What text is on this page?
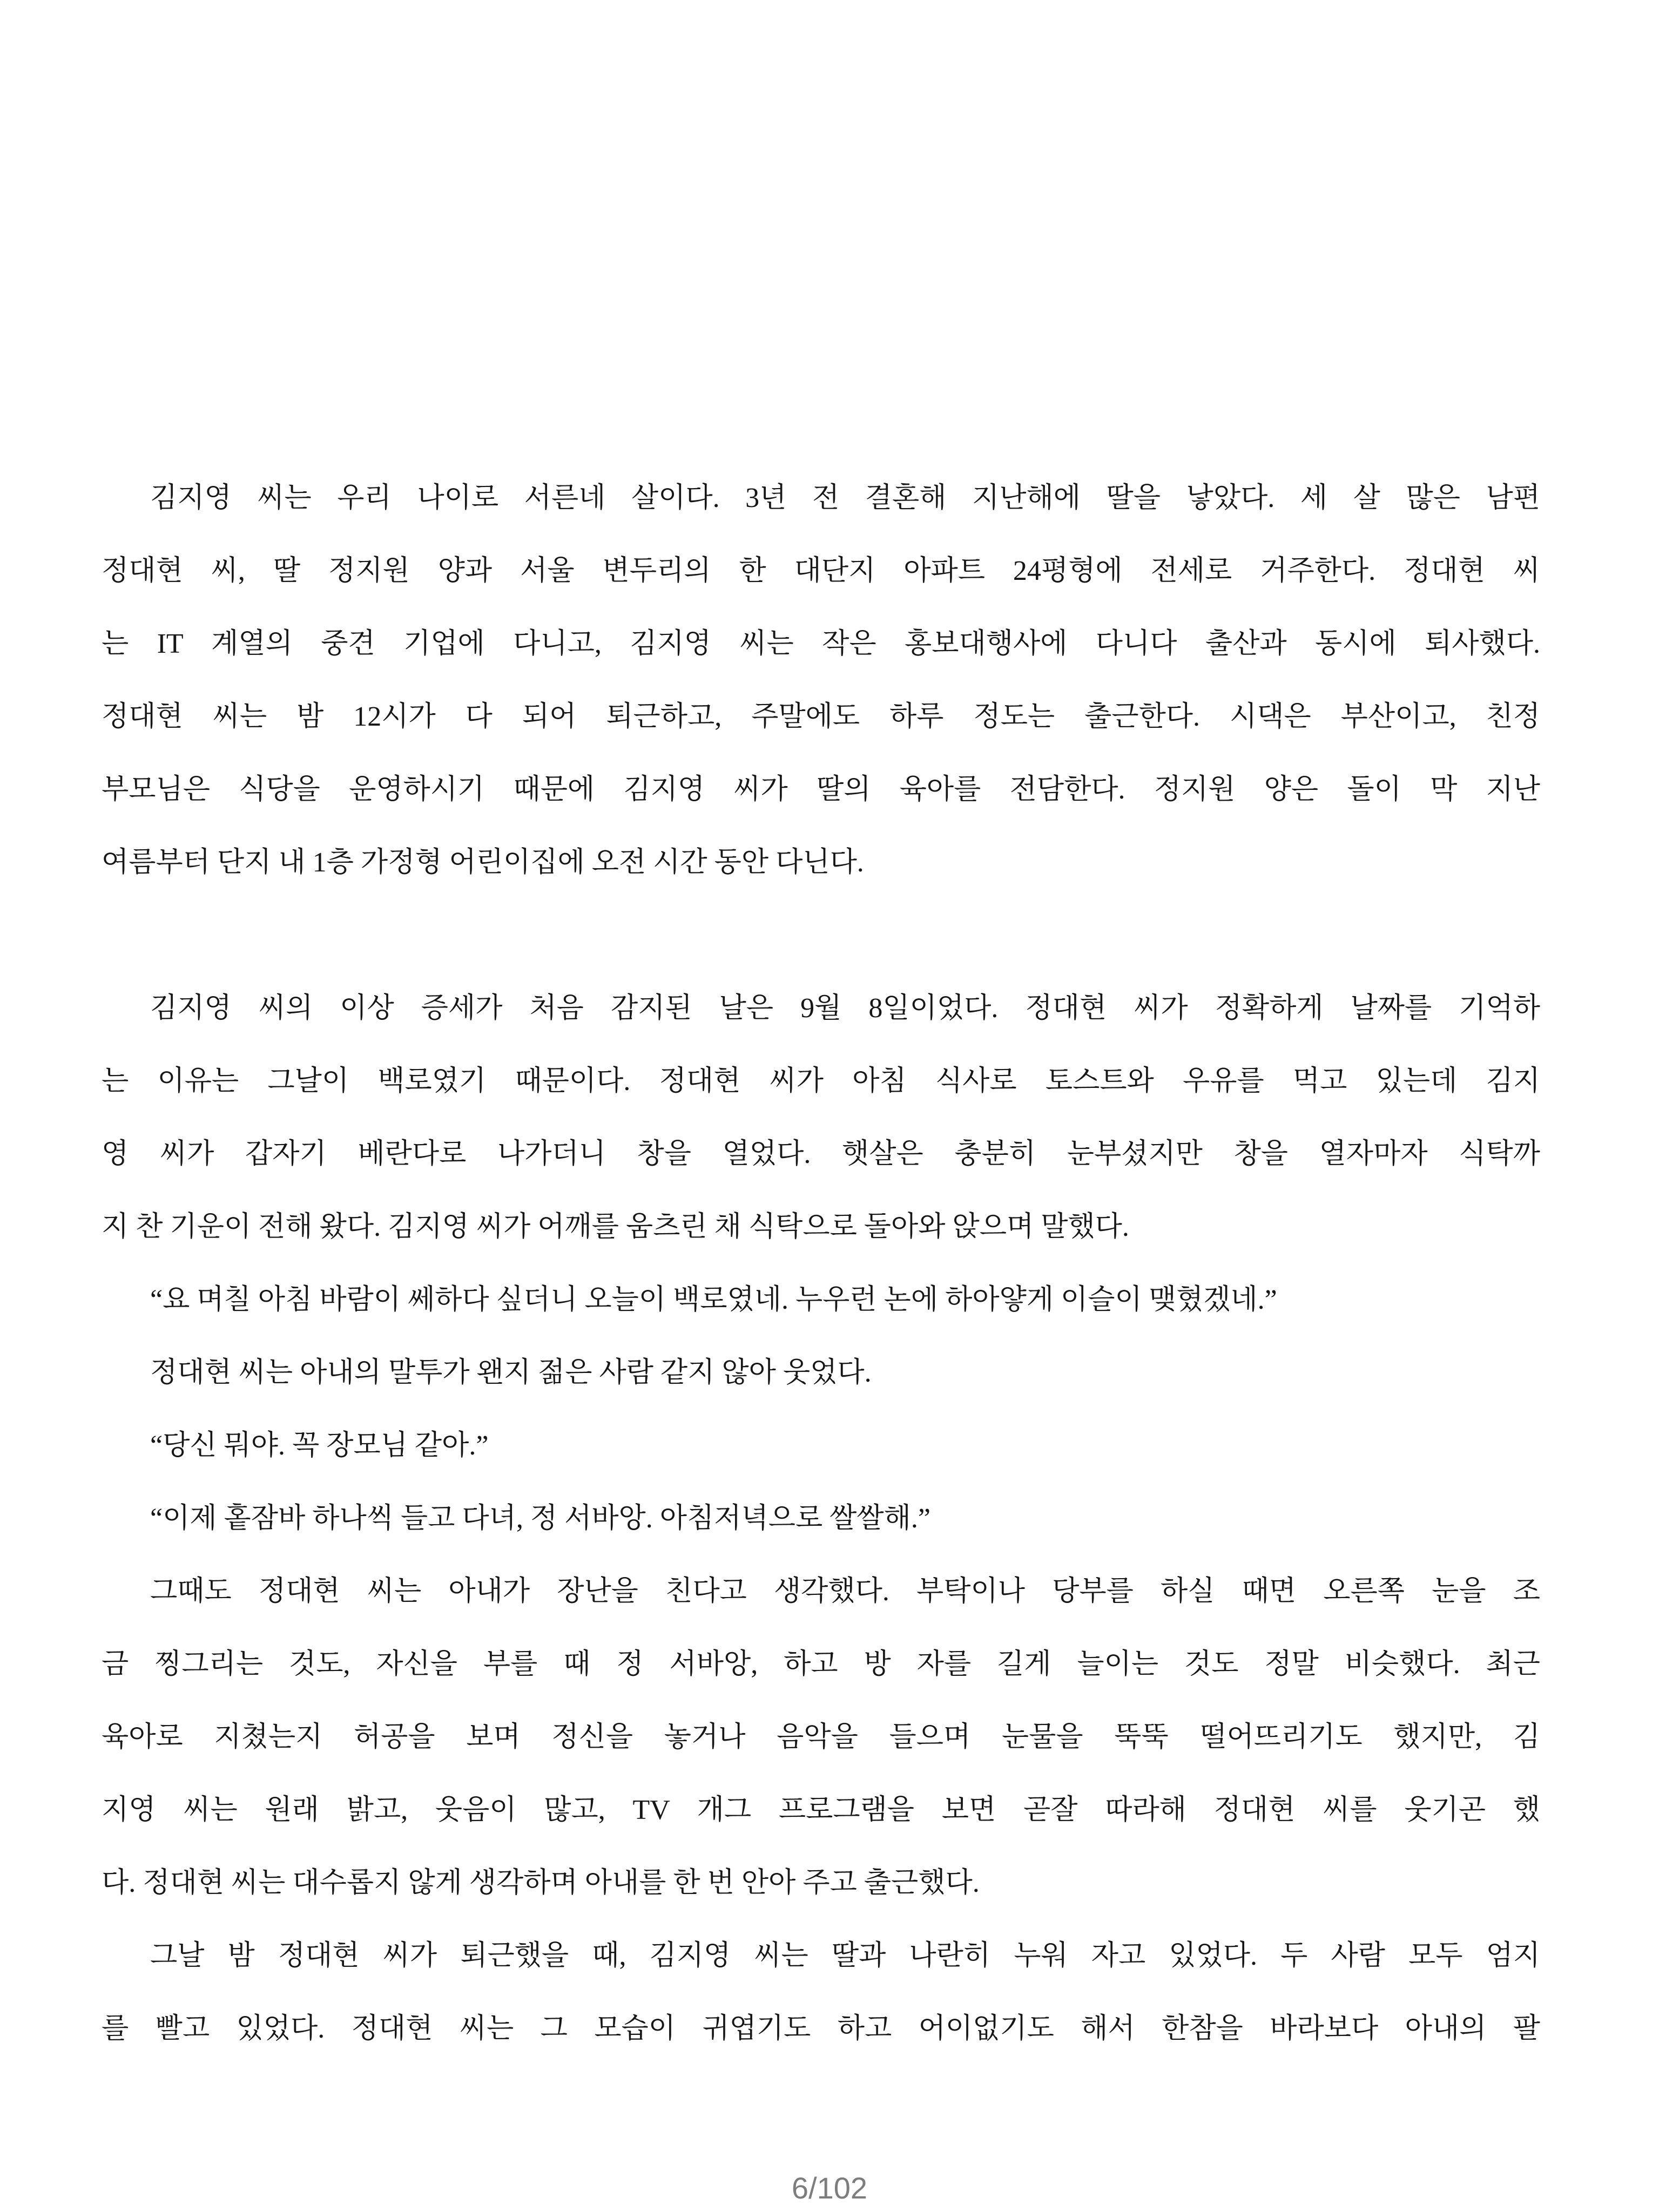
김지영 씨는 우리 나이로 서른네 살이다. 3년 전 결혼해 지난해에 딸을 낳았다. 세 살 많은 남편
정대현 씨, 딸 정지원 양과 서울 변두리의 한 대단지 아파트 24평형에 전세로 거주한다. 정대현 씨
는 IT 계열의 중견 기업에 다니고, 김지영 씨는 작은 홍보대행사에 다니다 출산과 동시에 퇴사했다.
정대현 씨는 밤 12시가 다 되어 퇴근하고, 주말에도 하루 정도는 출근한다. 시댁은 부산이고, 친정
부모님은 식당을 운영하시기 때문에 김지영 씨가 딸의 육아를 전담한다. 정지원 양은 돌이 막 지난
여름부터 단지 내 1층 가정형 어린이집에 오전 시간 동안 다닌다.
김지영 씨의 이상 증세가 처음 감지된 날은 9월 8일이었다. 정대현 씨가 정확하게 날짜를 기억하
는 이유는 그날이 백로였기 때문이다. 정대현 씨가 아침 식사로 토스트와 우유를 먹고 있는데 김지
영 씨가 갑자기 베란다로 나가더니 창을 열었다. 햇살은 충분히 눈부셨지만 창을 열자마자 식탁까
지 찬 기운이 전해 왔다. 김지영 씨가 어깨를 움츠린 채 식탁으로 돌아와 앉으며 말했다.
“요 며칠 아침 바람이 쎄하다 싶더니 오늘이 백로였네. 누우런 논에 하아얗게 이슬이 맺혔겠네.”
정대현 씨는 아내의 말투가 왠지 젊은 사람 같지 않아 웃었다.
“당신 뭐야. 꼭 장모님 같아.”
“이제 홑잠바 하나씩 들고 다녀, 정 서바앙. 아침저녁으로 쌀쌀해.”
그때도 정대현 씨는 아내가 장난을 친다고 생각했다. 부탁이나 당부를 하실 때면 오른쪽 눈을 조
금 찡그리는 것도, 자신을 부를 때 정 서바앙, 하고 방 자를 길게 늘이는 것도 정말 비슷했다. 최근
육아로 지쳤는지 허공을 보며 정신을 놓거나 음악을 들으며 눈물을 뚝뚝 떨어뜨리기도 했지만, 김
지영 씨는 원래 밝고, 웃음이 많고, TV 개그 프로그램을 보면 곧잘 따라해 정대현 씨를 웃기곤 했
다. 정대현 씨는 대수롭지 않게 생각하며 아내를 한 번 안아 주고 출근했다.
그날 밤 정대현 씨가 퇴근했을 때, 김지영 씨는 딸과 나란히 누워 자고 있었다. 두 사람 모두 엄지
를 빨고 있었다. 정대현 씨는 그 모습이 귀엽기도 하고 어이없기도 해서 한참을 바라보다 아내의 팔
6/102
